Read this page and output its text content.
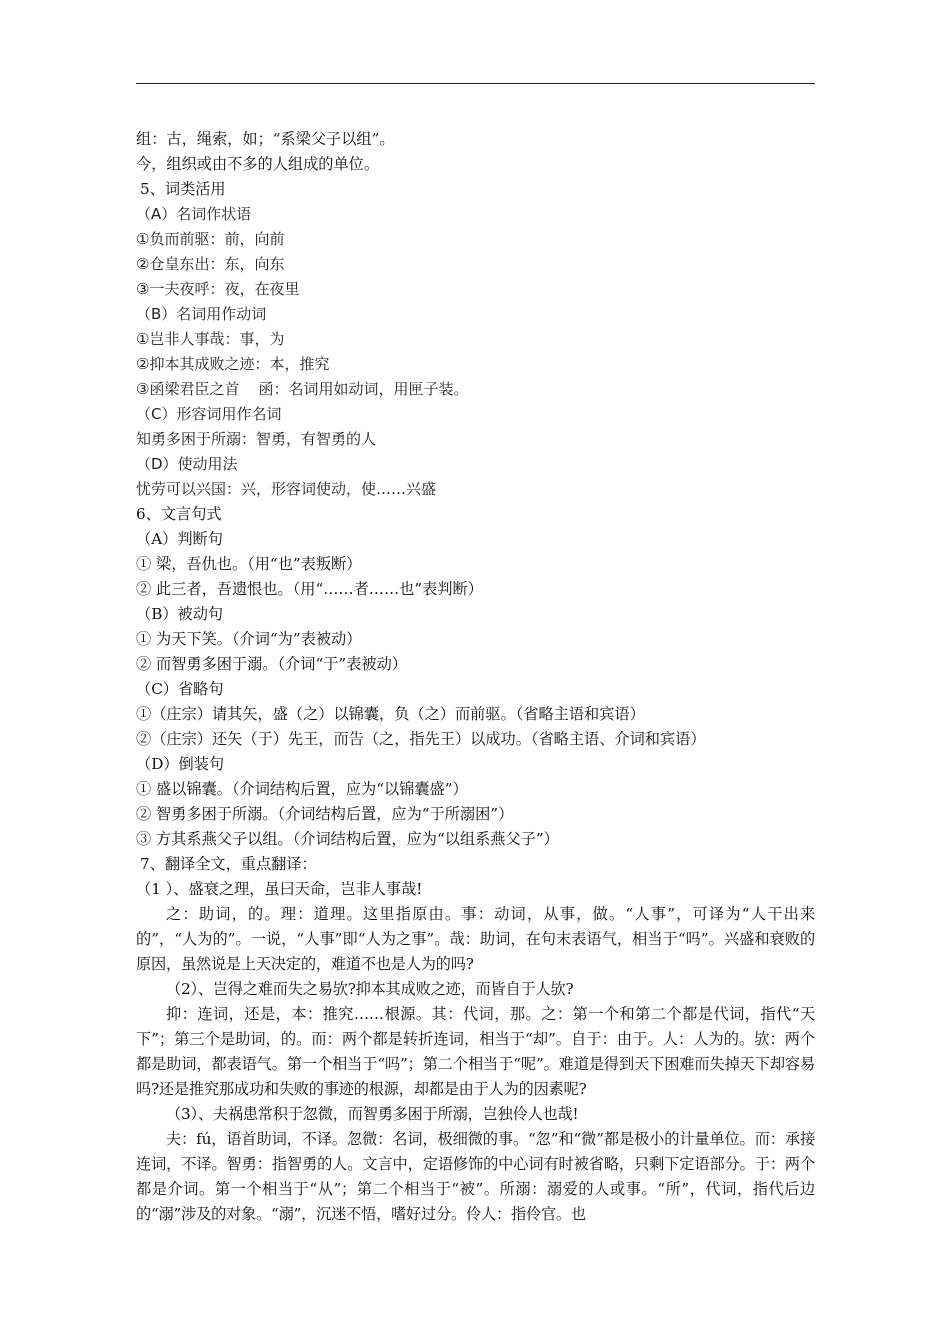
组：古，绳索，如；“系梁父子以组”。
今，组织或由不多的人组成的单位。
5、词类活用
（A）名词作状语
①负而前驱：前，向前
②仓皇东出：东，向东
③一夫夜呼：夜，在夜里
（B）名词用作动词
①岂非人事哉：事，为
②抑本其成败之迹：本，推究
③函梁君臣之首    函：名词用如动词，用匣子装。
（C）形容词用作名词
知勇多困于所溺：智勇，有智勇的人
（D）使动用法
忧劳可以兴国：兴，形容词使动，使……兴盛
6、文言句式
（A）判断句
① 梁，吾仇也。（用“也”表叛断）
② 此三者，吾遗恨也。（用“……者……也”表判断）
（B）被动句
① 为天下笑。（介词“为”表被动）
② 而智勇多困于溺。（介词“于”表被动）
（C）省略句
①（庄宗）请其矢，盛（之）以锦囊，负（之）而前驱。（省略主语和宾语）
②（庄宗）还矢（于）先王，而告（之，指先王）以成功。（省略主语、介词和宾语）
（D）倒装句
① 盛以锦囊。（介词结构后置，应为“以锦囊盛”）
② 智勇多困于所溺。（介词结构后置，应为“于所溺困”）
③ 方其系燕父子以组。（介词结构后置，应为“以组系燕父子”）
7、翻译全文，重点翻译：
（1 ）、盛衰之理，虽曰天命，岂非人事哉!
之：助词，的。理：道理。这里指原由。事：动词，从事，做。“人事”，可译为“人干出来的”，“人为的”。一说，“人事”即“人为之事”。哉：助词，在句末表语气，相当于“吗”。兴盛和衰败的原因，虽然说是上天决定的，难道不也是人为的吗?
（2）、岂得之难而失之易欤?抑本其成败之迹，而皆自于人欤?
抑：连词，还是，本：推究……根源。其：代词，那。之：第一个和第二个都是代词，指代“天下”；第三个是助词，的。而：两个都是转折连词，相当于“却”。自于：由于。人：人为的。欤：两个都是助词，都表语气。第一个相当于“吗”；第二个相当于“呢”。难道是得到天下困难而失掉天下却容易吗?还是推究那成功和失败的事迹的根源，却都是由于人为的因素呢?
（3）、夫祸患常积于忽微，而智勇多困于所溺，岂独伶人也哉!
夫：fú，语首助词，不译。忽微：名词，极细微的事。“忽”和“微”都是极小的计量单位。而：承接连词，不译。智勇：指智勇的人。文言中，定语修饰的中心词有时被省略，只剩下定语部分。于：两个都是介词。第一个相当于“从”；第二个相当于“被”。所溺：溺爱的人或事。“所”，代词，指代后边的“溺”涉及的对象。“溺”，沉迷不悟，嗜好过分。伶人：指伶官。也
